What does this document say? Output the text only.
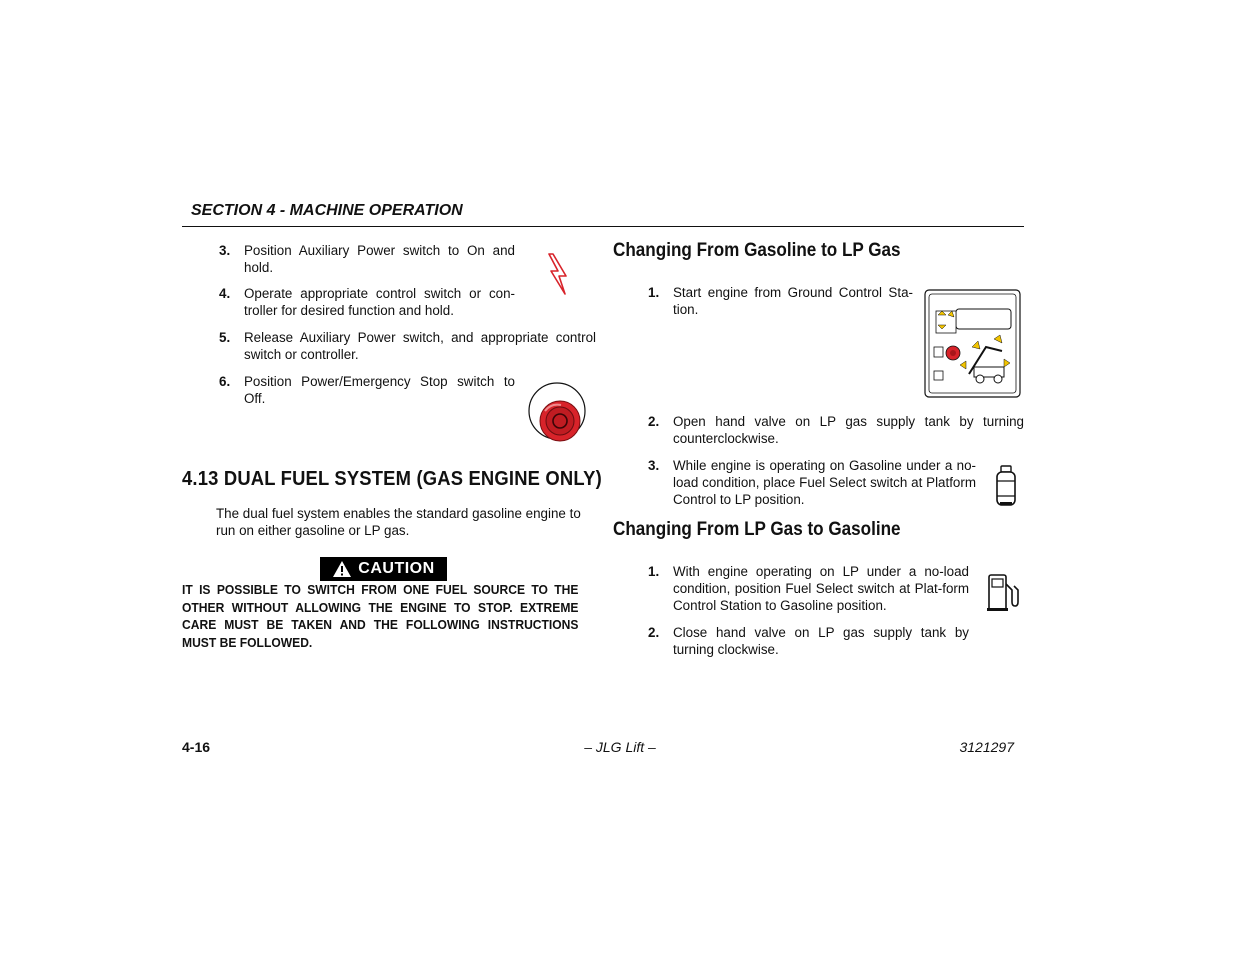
SECTION 4 - MACHINE OPERATION
3. Position Auxiliary Power switch to On and hold.
4. Operate appropriate control switch or con-troller for desired function and hold.
5. Release Auxiliary Power switch, and appropriate control switch or controller.
6. Position Power/Emergency Stop switch to Off.
4.13 DUAL FUEL SYSTEM (GAS ENGINE ONLY)
The dual fuel system enables the standard gasoline engine to run on either gasoline or LP gas.
CAUTION
IT IS POSSIBLE TO SWITCH FROM ONE FUEL SOURCE TO THE OTHER WITHOUT ALLOWING THE ENGINE TO STOP. EXTREME CARE MUST BE TAKEN AND THE FOLLOWING INSTRUCTIONS MUST BE FOLLOWED.
Changing From Gasoline to LP Gas
1. Start engine from Ground Control Sta-tion.
2. Open hand valve on LP gas supply tank by turning counterclockwise.
3. While engine is operating on Gasoline under a no-load condition, place Fuel Select switch at Platform Control to LP position.
Changing From LP Gas to Gasoline
1. With engine operating on LP under a no-load condition, position Fuel Select switch at Plat-form Control Station to Gasoline position.
2. Close hand valve on LP gas supply tank by turning clockwise.
4-16	– JLG Lift –	3121297
